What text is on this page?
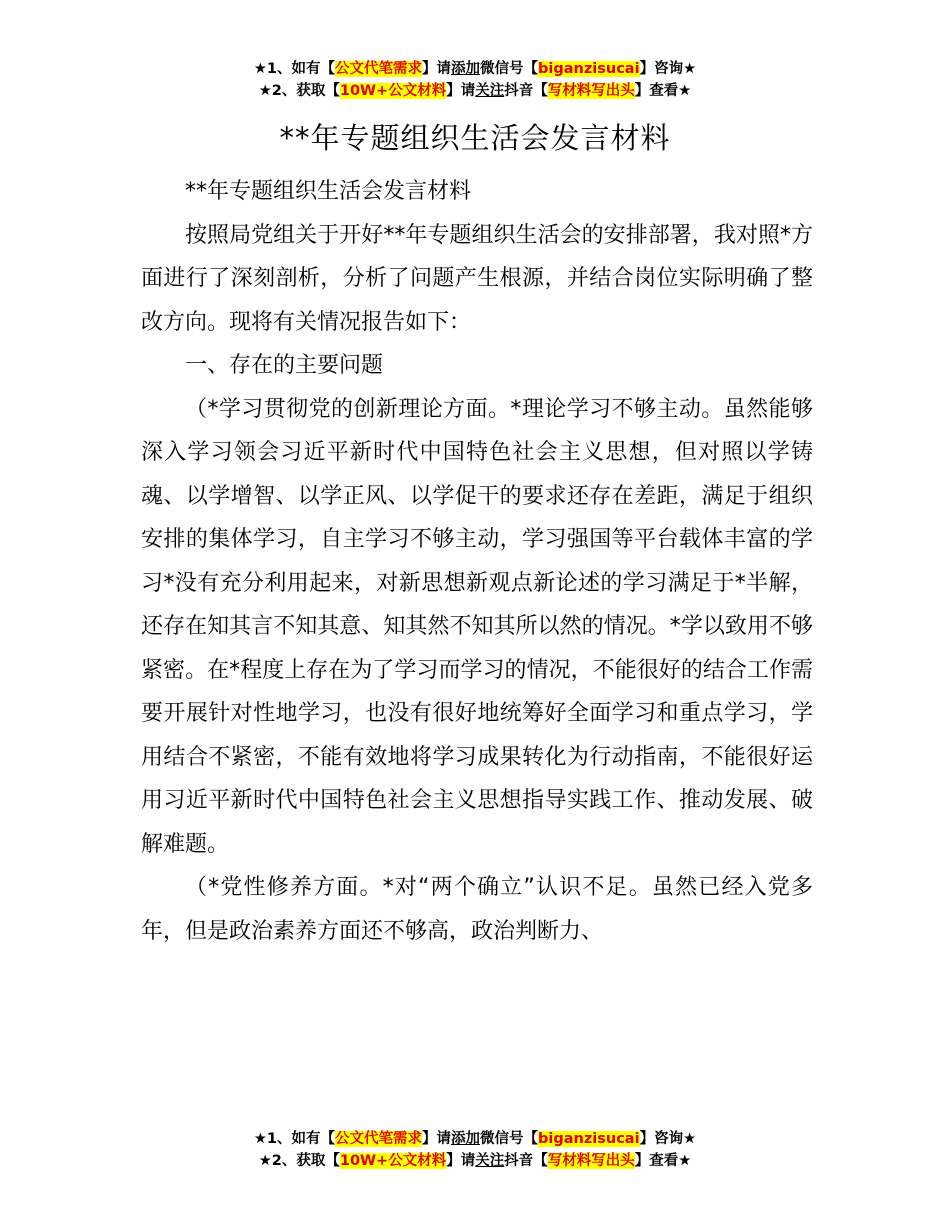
★1、如有【公文代笔需求】请添加微信号【biganzisucai】咨询★
★2、获取【10W+公文材料】请关注抖音【写材料写出头】查看★
**年专题组织生活会发言材料

**年专题组织生活会发言材料

按照局党组关于开好**年专题组织生活会的安排部署，我对照*方面进行了深刻剖析，分析了问题产生根源，并结合岗位实际明确了整改方向。现将有关情况报告如下：

一、存在的主要问题

（*学习贯彻党的创新理论方面。*理论学习不够主动。虽然能够深入学习领会习近平新时代中国特色社会主义思想，但对照以学铸魂、以学增智、以学正风、以学促干的要求还存在差距，满足于组织安排的集体学习，自主学习不够主动，学习强国等平台载体丰富的学习*没有充分利用起来，对新思想新观点新论述的学习满足于*半解，还存在知其言不知其意、知其然不知其所以然的情况。*学以致用不够紧密。在*程度上存在为了学习而学习的情况，不能很好的结合工作需要开展针对性地学习，也没有很好地统筹好全面学习和重点学习，学用结合不紧密，不能有效地将学习成果转化为行动指南，不能很好运用习近平新时代中国特色社会主义思想指导实践工作、推动发展、破解难题。

（*党性修养方面。*对“两个确立”认识不足。虽然已经入党多年，但是政治素养方面还不够高，政治判断力、

★1、如有【公文代笔需求】请添加微信号【biganzisucai】咨询★
★2、获取【10W+公文材料】请关注抖音【写材料写出头】查看★
